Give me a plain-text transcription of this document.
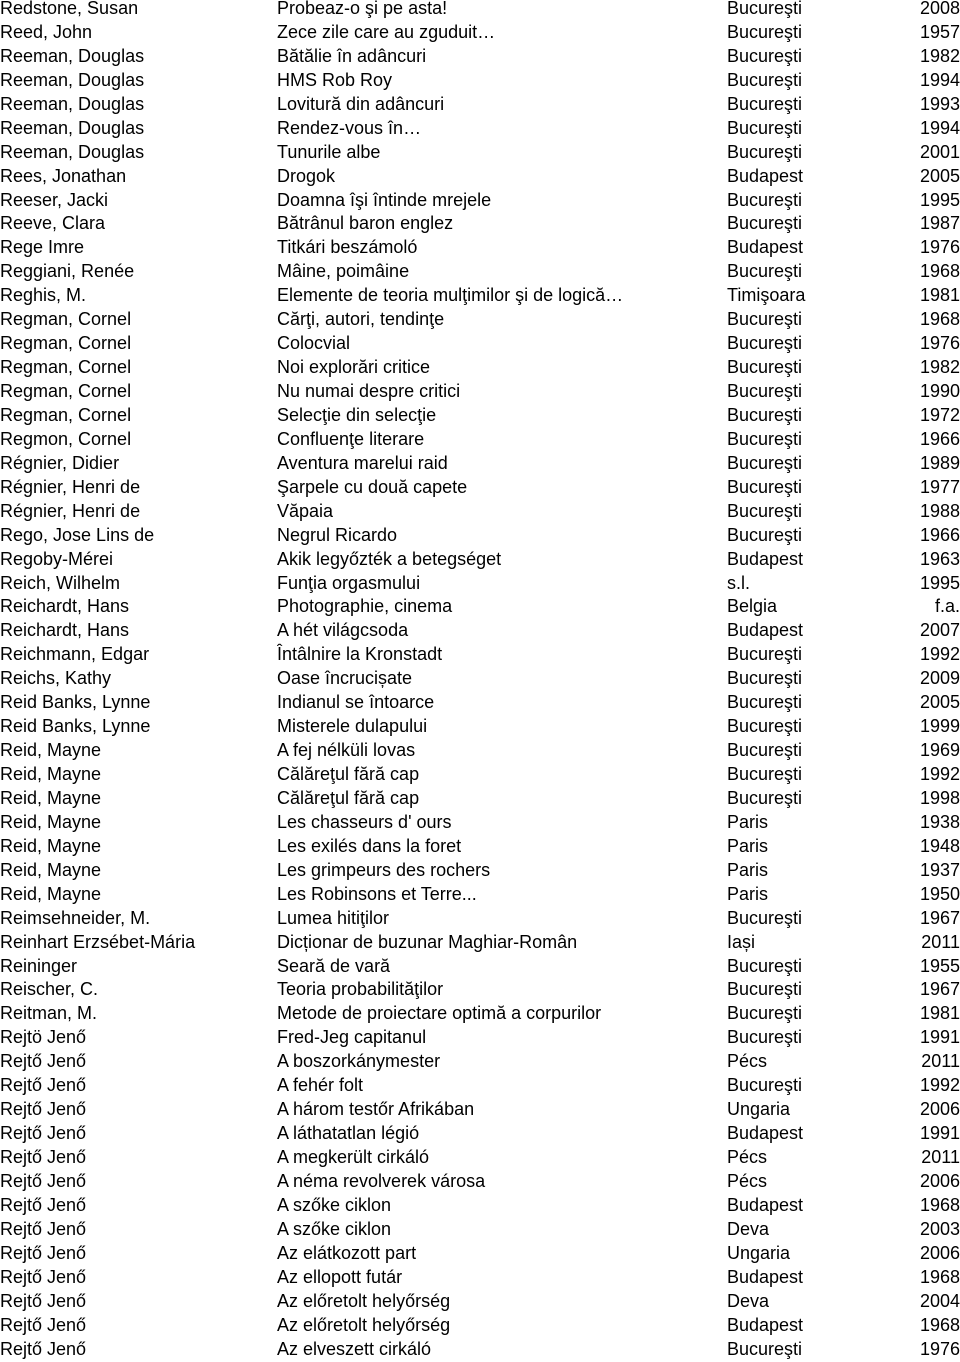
Redstone, Susan	Probeaz-o şi pe asta!	Bucureşti	2008
Reed, John	Zece zile care au zguduit…	Bucureşti	1957
Reeman, Douglas	Bătălie în adâncuri	Bucureşti	1982
Reeman, Douglas	HMS Rob Roy	Bucureşti	1994
Reeman, Douglas	Lovitură din adâncuri	Bucureşti	1993
Reeman, Douglas	Rendez-vous în…	Bucureşti	1994
Reeman, Douglas	Tunurile albe	Bucureşti	2001
Rees, Jonathan	Drogok	Budapest	2005
Reeser, Jacki	Doamna îşi întinde mrejele	Bucureşti	1995
Reeve, Clara	Bătrânul baron englez	Bucureşti	1987
Rege Imre	Titkári beszámoló	Budapest	1976
Reggiani, Renée	Mâine, poimâine	Bucureşti	1968
Reghis, M.	Elemente de teoria mulţimilor şi de logică…	Timişoara	1981
Regman, Cornel	Cărţi, autori, tendinţe	Bucureşti	1968
Regman, Cornel	Colocvial	Bucureşti	1976
Regman, Cornel	Noi explorări critice	Bucureşti	1982
Regman, Cornel	Nu numai despre critici	Bucureşti	1990
Regman, Cornel	Selecţie din selecţie	Bucureşti	1972
Regmon, Cornel	Confluenţe literare	Bucureşti	1966
Régnier, Didier	Aventura marelui raid	Bucureşti	1989
Régnier, Henri de	Şarpele cu două capete	Bucureşti	1977
Régnier, Henri de	Văpaia	Bucureşti	1988
Rego, Jose Lins de	Negrul Ricardo	Bucureşti	1966
Regoby-Mérei	Akik legyőzték a betegséget	Budapest	1963
Reich, Wilhelm	Funţia orgasmului	s.l.	1995
Reichardt, Hans	Photographie, cinema	Belgia	f.a.
Reichardt, Hans	A hét világcsoda	Budapest	2007
Reichmann, Edgar	Întâlnire la Kronstadt	Bucureşti	1992
Reichs, Kathy	Oase încrucișate	Bucureşti	2009
Reid Banks, Lynne	Indianul se întoarce	Bucureşti	2005
Reid Banks, Lynne	Misterele dulapului	Bucureşti	1999
Reid, Mayne	A fej nélküli lovas	Bucureşti	1969
Reid, Mayne	Călăreţul fără cap	Bucureşti	1992
Reid, Mayne	Călăreţul fără cap	Bucureşti	1998
Reid, Mayne	Les chasseurs d' ours	Paris	1938
Reid, Mayne	Les exilés dans la foret	Paris	1948
Reid, Mayne	Les grimpeurs des rochers	Paris	1937
Reid, Mayne	Les Robinsons et Terre...	Paris	1950
Reimsehneider, M.	Lumea hitiţilor	Bucureşti	1967
Reinhart Erzsébet-Mária	Dicționar de buzunar Maghiar-Român	Iași	2011
Reininger	Seară de vară	Bucureşti	1955
Reischer, C.	Teoria probabilităţilor	Bucureşti	1967
Reitman, M.	Metode de proiectare optimă a corpurilor	Bucureşti	1981
Rejtö Jenő	Fred-Jeg capitanul	Bucureşti	1991
Rejtő Jenő	A boszorkánymester	Pécs	2011
Rejtő Jenő	A fehér folt	Bucureşti	1992
Rejtő Jenő	A három testőr Afrikában	Ungaria	2006
Rejtő Jenő	A láthatatlan légió	Budapest	1991
Rejtő Jenő	A megkerült cirkáló	Pécs	2011
Rejtő Jenő	A néma revolverek városa	Pécs	2006
Rejtő Jenő	A szőke ciklon	Budapest	1968
Rejtő Jenő	A szőke ciklon	Deva	2003
Rejtő Jenő	Az elátkozott part	Ungaria	2006
Rejtő Jenő	Az ellopott futár	Budapest	1968
Rejtő Jenő	Az előretolt helyőrség	Deva	2004
Rejtő Jenő	Az előretolt helyőrség	Budapest	1968
Rejtő Jenő	Az elveszett cirkáló	Bucureşti	1976
